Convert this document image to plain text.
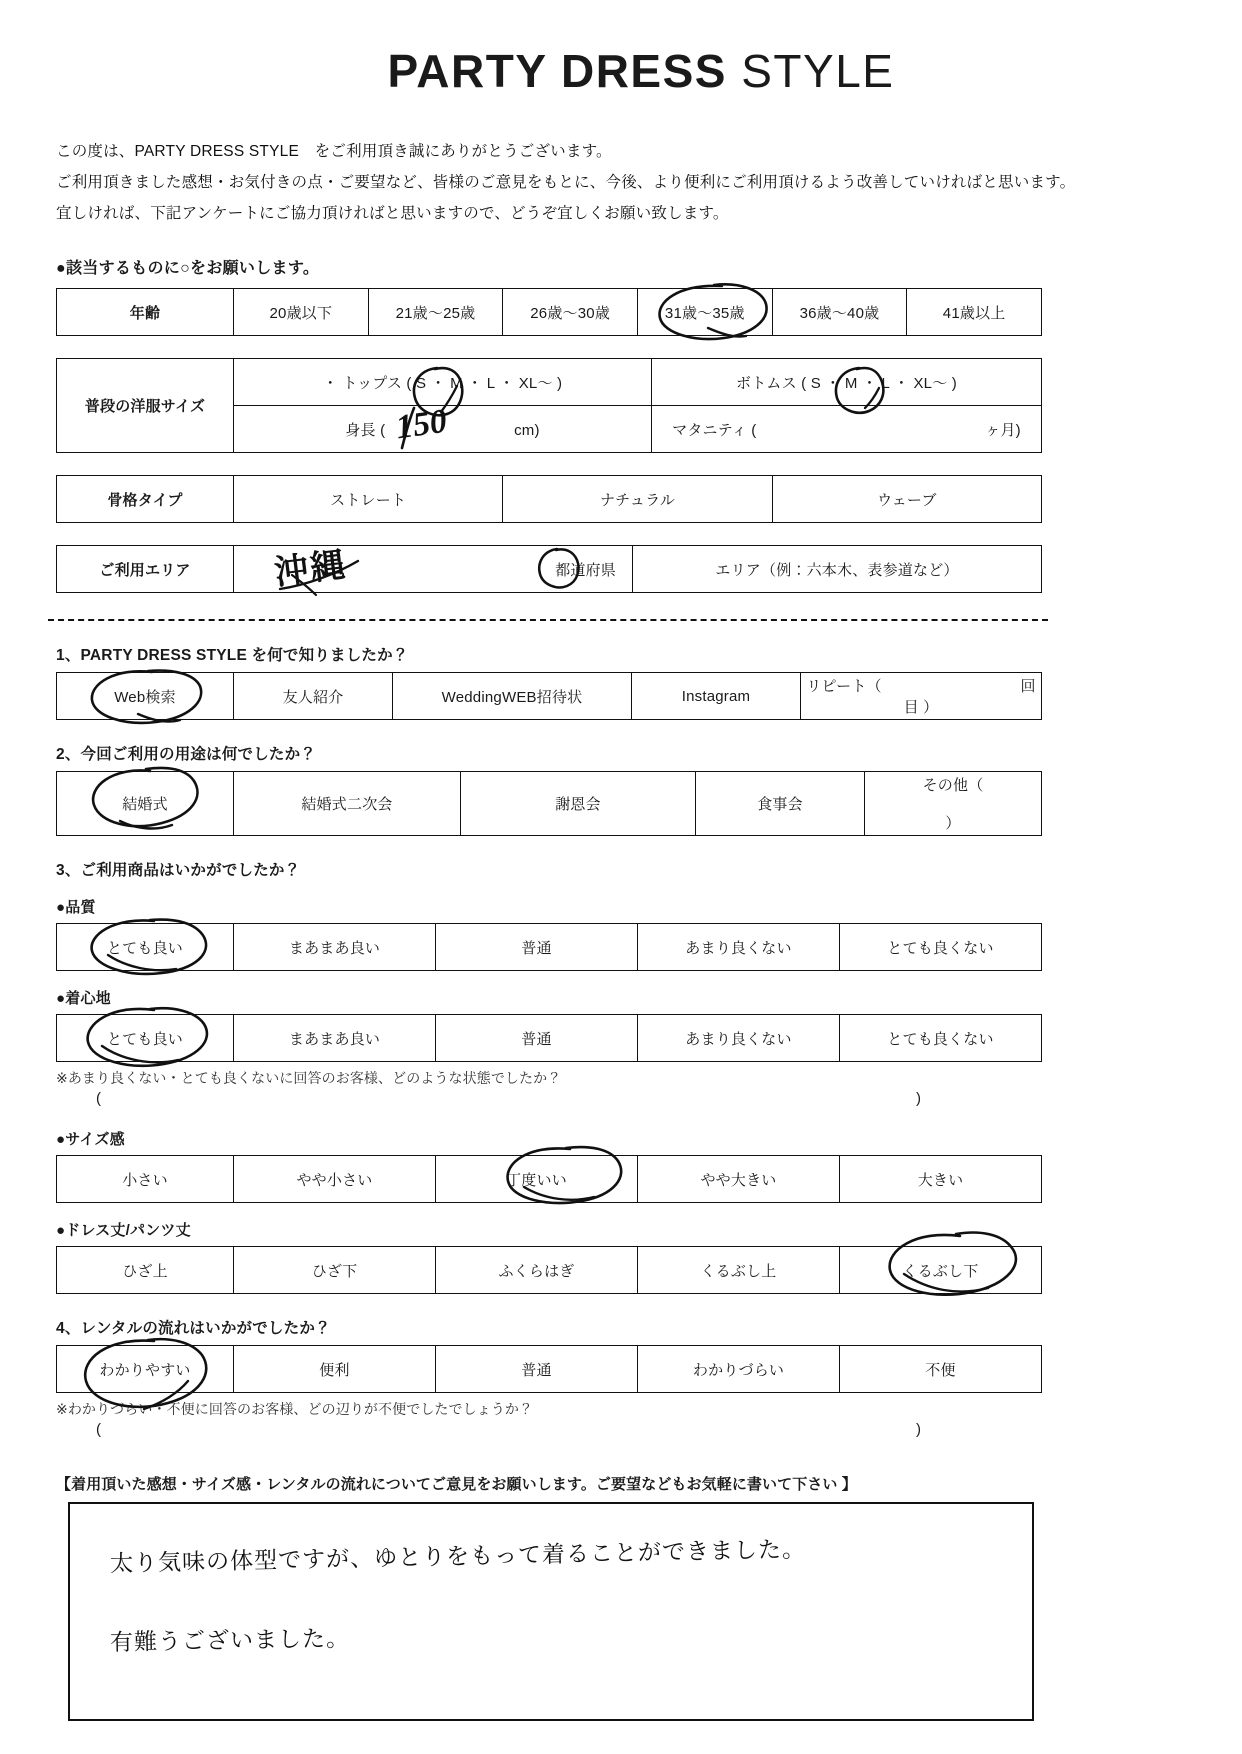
PARTY DRESS STYLE
この度は、PARTY DRESS STYLE　をご利用頂き誠にありがとうございます。
ご利用頂きました感想・お気付きの点・ご要望など、皆様のご意見をもとに、今後、より便利にご利用頂けるよう改善していければと思います。
宜しければ、下記アンケートにご協力頂ければと思いますので、どうぞ宜しくお願い致します。
●該当するものに○をお願いします。
年齢	20歳以下	21歳～25歳	26歳～30歳	31歳～35歳	36歳～40歳	41歳以上
普段の洋服サイズ	・ トップス ( S ・ M ・ L ・ XL～ )	ボトムス ( S ・ M ・ L ・ XL～ )
	身長 ( cm)	マタニティ ( ヶ月)
150
骨格タイプ	ストレート	ナチュラル	ウェーブ
ご利用エリア	都道府県	エリア（例：六本木、表参道など）
沖縄
1、PARTY DRESS STYLE を何で知りましたか？
Web検索	友人紹介	WeddingWEB招待状	Instagram	リピート（	回目 ）
2、今回ご利用の用途は何でしたか？
結婚式	結婚式二次会	謝恩会	食事会	その他（  ）
3、ご利用商品はいかがでしたか？
●品質
とても良い	まあまあ良い	普通	あまり良くない	とても良くない
●着心地
とても良い	まあまあ良い	普通	あまり良くない	とても良くない
※あまり良くない・とても良くないに回答のお客様、どのような状態でしたか？
(	)
●サイズ感
小さい	やや小さい	丁度いい	やや大きい	大きい
●ドレス丈/パンツ丈
ひざ上	ひざ下	ふくらはぎ	くるぶし上	くるぶし下
4、レンタルの流れはいかがでしたか？
わかりやすい	便利	普通	わかりづらい	不便
※わかりづらい・不便に回答のお客様、どの辺りが不便でしたでしょうか？
(	)
【着用頂いた感想・サイズ感・レンタルの流れについてご意見をお願いします。ご要望などもお気軽に書いて下さい 】
太り気味の体型ですが、ゆとりをもって着ることができました。
有難うございました。
